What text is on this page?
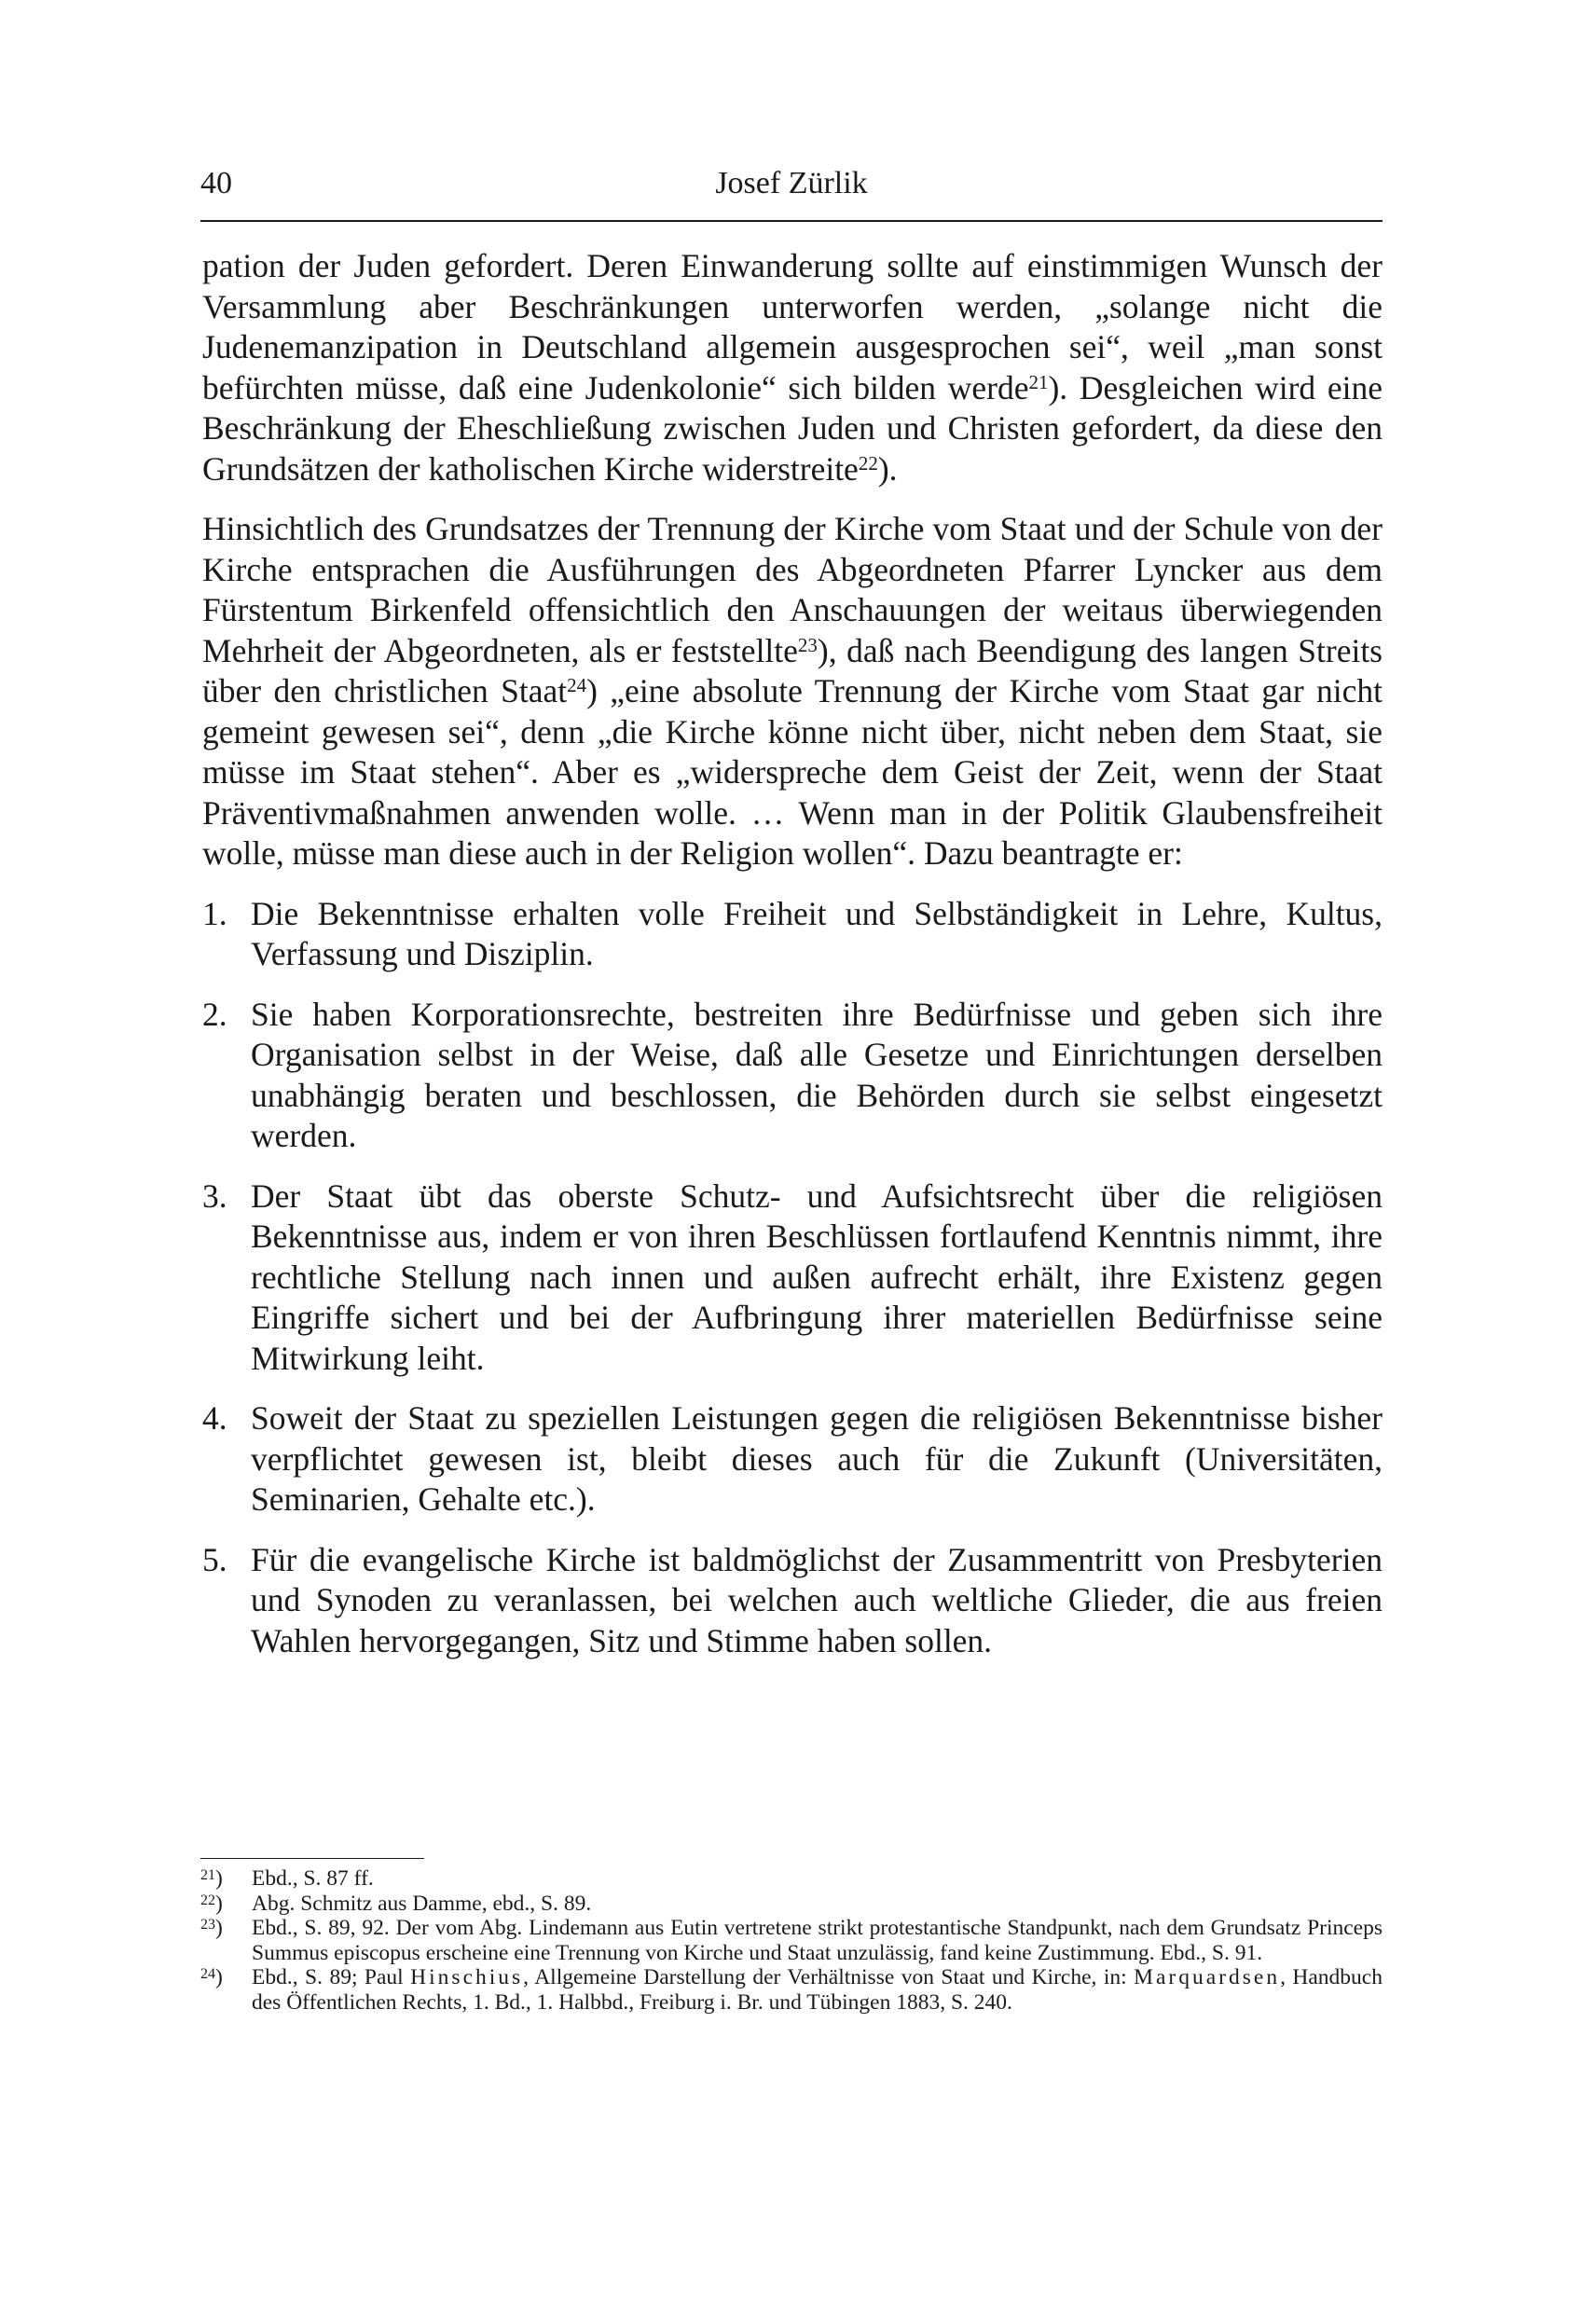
40	Josef Zürlik

pation der Juden gefordert. Deren Einwanderung sollte auf einstimmigen Wunsch der Versammlung aber Beschränkungen unterworfen werden, „solange nicht die Judenemanzipation in Deutschland allgemein ausgesprochen sei“, weil „man sonst befürchten müsse, daß eine Judenkolonie“ sich bilden werde$^{21}$). Desgleichen wird eine Beschränkung der Eheschließung zwischen Juden und Christen gefordert, da diese den Grundsätzen der katholischen Kirche widerstreite$^{22}$).

Hinsichtlich des Grundsatzes der Trennung der Kirche vom Staat und der Schule von der Kirche entsprachen die Ausführungen des Abgeordneten Pfarrer Lyncker aus dem Fürstentum Birkenfeld offensichtlich den Anschauungen der weitaus überwiegenden Mehrheit der Abgeordneten, als er feststellte$^{23}$), daß nach Beendigung des langen Streits über den christlichen Staat$^{24}$) „eine absolute Trennung der Kirche vom Staat gar nicht gemeint gewesen sei“, denn „die Kirche könne nicht über, nicht neben dem Staat, sie müsse im Staat stehen“. Aber es „widerspreche dem Geist der Zeit, wenn der Staat Präventivmaßnahmen anwenden wolle. … Wenn man in der Politik Glaubensfreiheit wolle, müsse man diese auch in der Religion wollen“. Dazu beantragte er:

1. Die Bekenntnisse erhalten volle Freiheit und Selbständigkeit in Lehre, Kultus, Verfassung und Disziplin.
2. Sie haben Korporationsrechte, bestreiten ihre Bedürfnisse und geben sich ihre Organisation selbst in der Weise, daß alle Gesetze und Einrichtungen derselben unabhängig beraten und beschlossen, die Behörden durch sie selbst eingesetzt werden.
3. Der Staat übt das oberste Schutz- und Aufsichtsrecht über die religiösen Bekenntnisse aus, indem er von ihren Beschlüssen fortlaufend Kenntnis nimmt, ihre rechtliche Stellung nach innen und außen aufrecht erhält, ihre Existenz gegen Eingriffe sichert und bei der Aufbringung ihrer materiellen Bedürfnisse seine Mitwirkung leiht.
4. Soweit der Staat zu speziellen Leistungen gegen die religiösen Bekenntnisse bisher verpflichtet gewesen ist, bleibt dieses auch für die Zukunft (Universitäten, Seminarien, Gehalte etc.).
5. Für die evangelische Kirche ist baldmöglichst der Zusammentritt von Presbyterien und Synoden zu veranlassen, bei welchen auch weltliche Glieder, die aus freien Wahlen hervorgegangen, Sitz und Stimme haben sollen.
$^{21}$) Ebd., S. 87 ff.
$^{22}$) Abg. Schmitz aus Damme, ebd., S. 89.
$^{23}$) Ebd., S. 89, 92. Der vom Abg. Lindemann aus Eutin vertretene strikt protestantische Standpunkt, nach dem Grundsatz Princeps Summus episcopus erscheine eine Trennung von Kirche und Staat unzulässig, fand keine Zustimmung. Ebd., S. 91.
$^{24}$) Ebd., S. 89; Paul Hinschius, Allgemeine Darstellung der Verhältnisse von Staat und Kirche, in: Marquardsen, Handbuch des Öffentlichen Rechts, 1. Bd., 1. Halbbd., Freiburg i. Br. und Tübingen 1883, S. 240.
